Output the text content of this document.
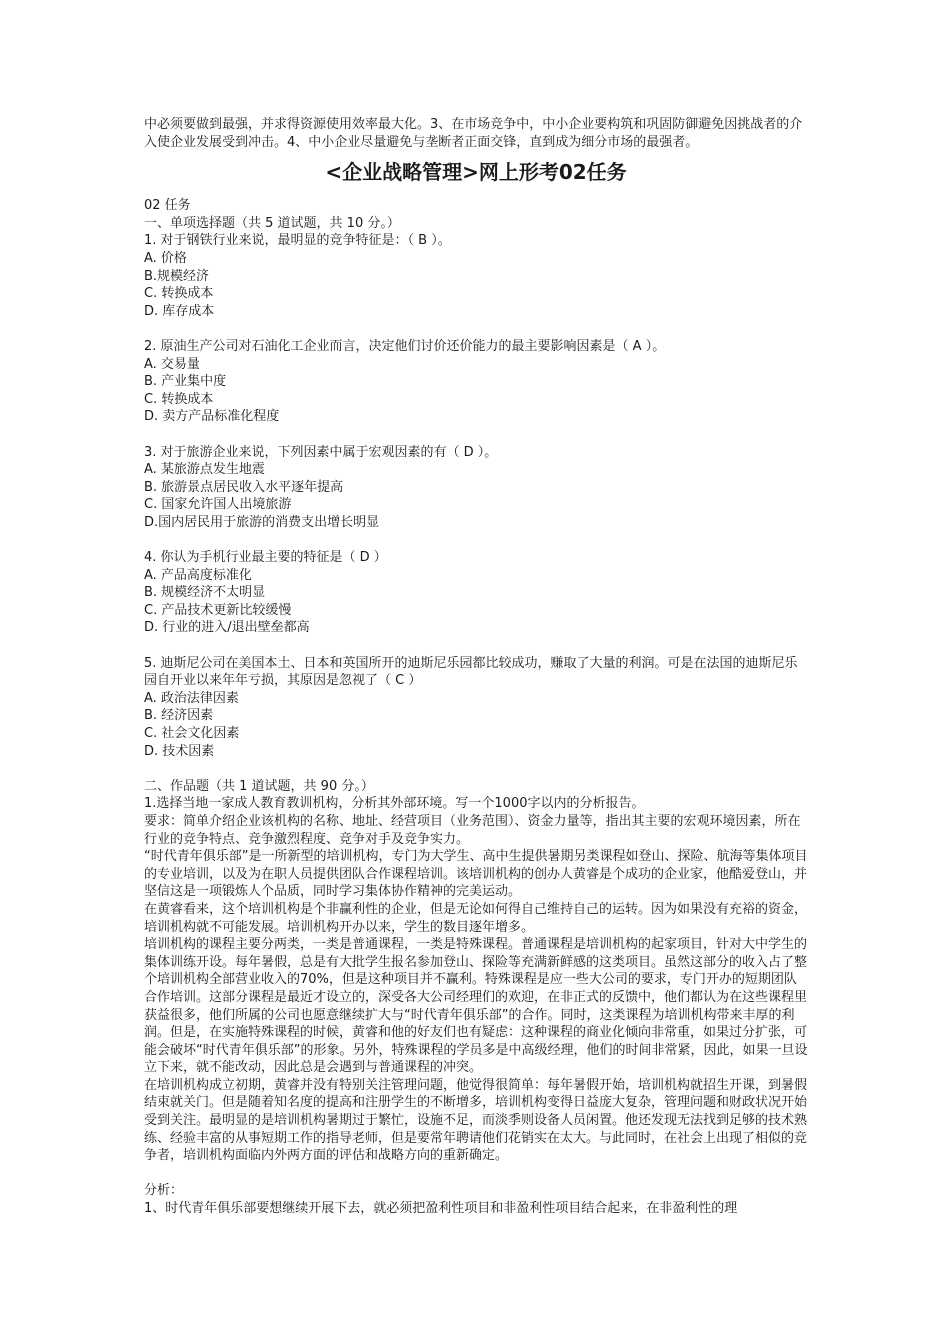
中必须要做到最强，并求得资源使用效率最大化。3、在市场竞争中，中小企业要构筑和巩固防御避免因挑战者的介入使企业发展受到冲击。4、中小企业尽量避免与垄断者正面交锋，直到成为细分市场的最强者。

<企业战略管理>网上形考02任务

02 任务

一、单项选择题（共 5 道试题，共 10 分。）

1. 对于钢铁行业来说，最明显的竞争特征是：（ B ）。

A. 价格

B.规模经济

C. 转换成本

D. 库存成本

2. 原油生产公司对石油化工企业而言，决定他们讨价还价能力的最主要影响因素是（ A ）。

A. 交易量

B. 产业集中度

C. 转换成本

D. 卖方产品标准化程度

3. 对于旅游企业来说，下列因素中属于宏观因素的有（ D ）。

A. 某旅游点发生地震

B. 旅游景点居民收入水平逐年提高

C. 国家允许国人出境旅游

D.国内居民用于旅游的消费支出增长明显

4. 你认为手机行业最主要的特征是（ D ）

A. 产品高度标准化

B. 规模经济不太明显

C. 产品技术更新比较缓慢

D. 行业的进入/退出壁垒都高

5. 迪斯尼公司在美国本土、日本和英国所开的迪斯尼乐园都比较成功，赚取了大量的利润。可是在法国的迪斯尼乐园自开业以来年年亏损，其原因是忽视了（ C ）

A. 政治法律因素

B. 经济因素

C. 社会文化因素

D. 技术因素

二、作品题（共 1 道试题，共 90 分。）

1.选择当地一家成人教育教训机构，分析其外部环境。写一个1000字以内的分析报告。

要求：简单介绍企业该机构的名称、地址、经营项目（业务范围）、资金力量等，指出其主要的宏观环境因素，所在行业的竞争特点、竞争激烈程度、竞争对手及竞争实力。

“时代青年俱乐部”是一所新型的培训机构，专门为大学生、高中生提供暑期另类课程如登山、探险、航海等集体项目的专业培训，以及为在职人员提供团队合作课程培训。该培训机构的创办人黄睿是个成功的企业家，他酷爱登山，并坚信这是一项锻炼人个品质，同时学习集体协作精神的完美运动。

在黄睿看来，这个培训机构是个非赢利性的企业，但是无论如何得自己维持自己的运转。因为如果没有充裕的资金，培训机构就不可能发展。培训机构开办以来，学生的数目逐年增多。

培训机构的课程主要分两类，一类是普通课程，一类是特殊课程。普通课程是培训机构的起家项目，针对大中学生的集体训练开设。每年暑假，总是有大批学生报名参加登山、探险等充满新鲜感的这类项目。虽然这部分的收入占了整个培训机构全部营业收入的70%，但是这种项目并不赢利。特殊课程是应一些大公司的要求，专门开办的短期团队合作培训。这部分课程是最近才设立的，深受各大公司经理们的欢迎，在非正式的反馈中，他们都认为在这些课程里获益很多，他们所属的公司也愿意继续扩大与“时代青年俱乐部”的合作。同时，这类课程为培训机构带来丰厚的利润。但是，在实施特殊课程的时候，黄睿和他的好友们也有疑虑：这种课程的商业化倾向非常重，如果过分扩张，可能会破坏“时代青年俱乐部”的形象。另外，特殊课程的学员多是中高级经理，他们的时间非常紧，因此，如果一旦设立下来，就不能改动，因此总是会遇到与普通课程的冲突。

在培训机构成立初期，黄睿并没有特别关注管理问题，他觉得很简单：每年暑假开始，培训机构就招生开课，到暑假结束就关门。但是随着知名度的提高和注册学生的不断增多，培训机构变得日益庞大复杂，管理问题和财政状况开始受到关注。最明显的是培训机构暑期过于繁忙，设施不足，而淡季则设备人员闲置。他还发现无法找到足够的技术熟练、经验丰富的从事短期工作的指导老师，但是要常年聘请他们花销实在太大。与此同时，在社会上出现了相似的竞争者，培训机构面临内外两方面的评估和战略方向的重新确定。

分析：

1、时代青年俱乐部要想继续开展下去，就必须把盈利性项目和非盈利性项目结合起来，在非盈利性的理
